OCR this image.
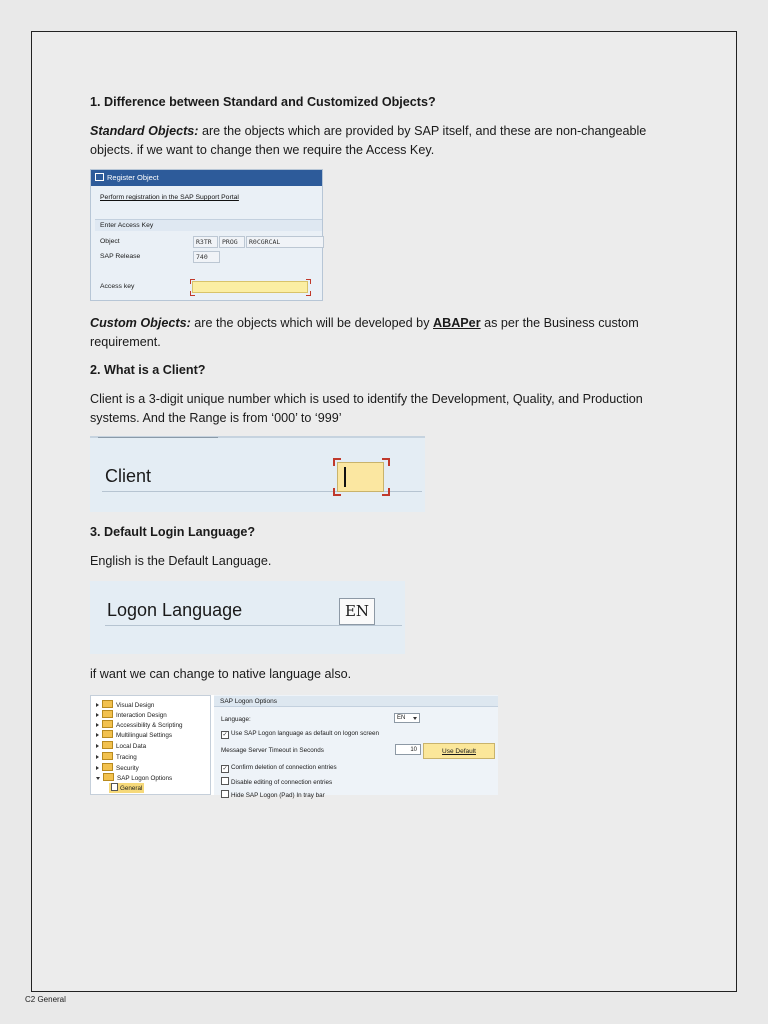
1. Difference between Standard and Customized Objects?
Standard Objects: are the objects which are provided by SAP itself, and these are non-changeable
objects. if we want to change then we require the Access Key.
Register Object
Perform registration in the SAP Support Portal
Enter Access Key
Object	R3TR	PROG	R0CGRCAL
SAP Release	740
Access key
Custom Objects: are the objects which will be developed by ABAPer as per the Business custom
requirement.
2. What is a Client?
Client is a 3-digit unique number which is used to identify the Development, Quality, and Production
systems. And the Range is from ‘000’ to ‘999’
Client
3. Default Login Language?
English is the Default Language.
Logon Language	EN
if want we can change to native language also.
Visual Design
Interaction Design
Accessibility & Scripting
Multilingual Settings
Local Data
Tracing
Security
SAP Logon Options
General
SAP Logon Options
Language:	EN
✓ Use SAP Logon language as default on logon screen
Message Server Timeout in Seconds	10	Use Default
✓ Confirm deletion of connection entries
Disable editing of connection entries
Hide SAP Logon (Pad) In tray bar
C2 General
